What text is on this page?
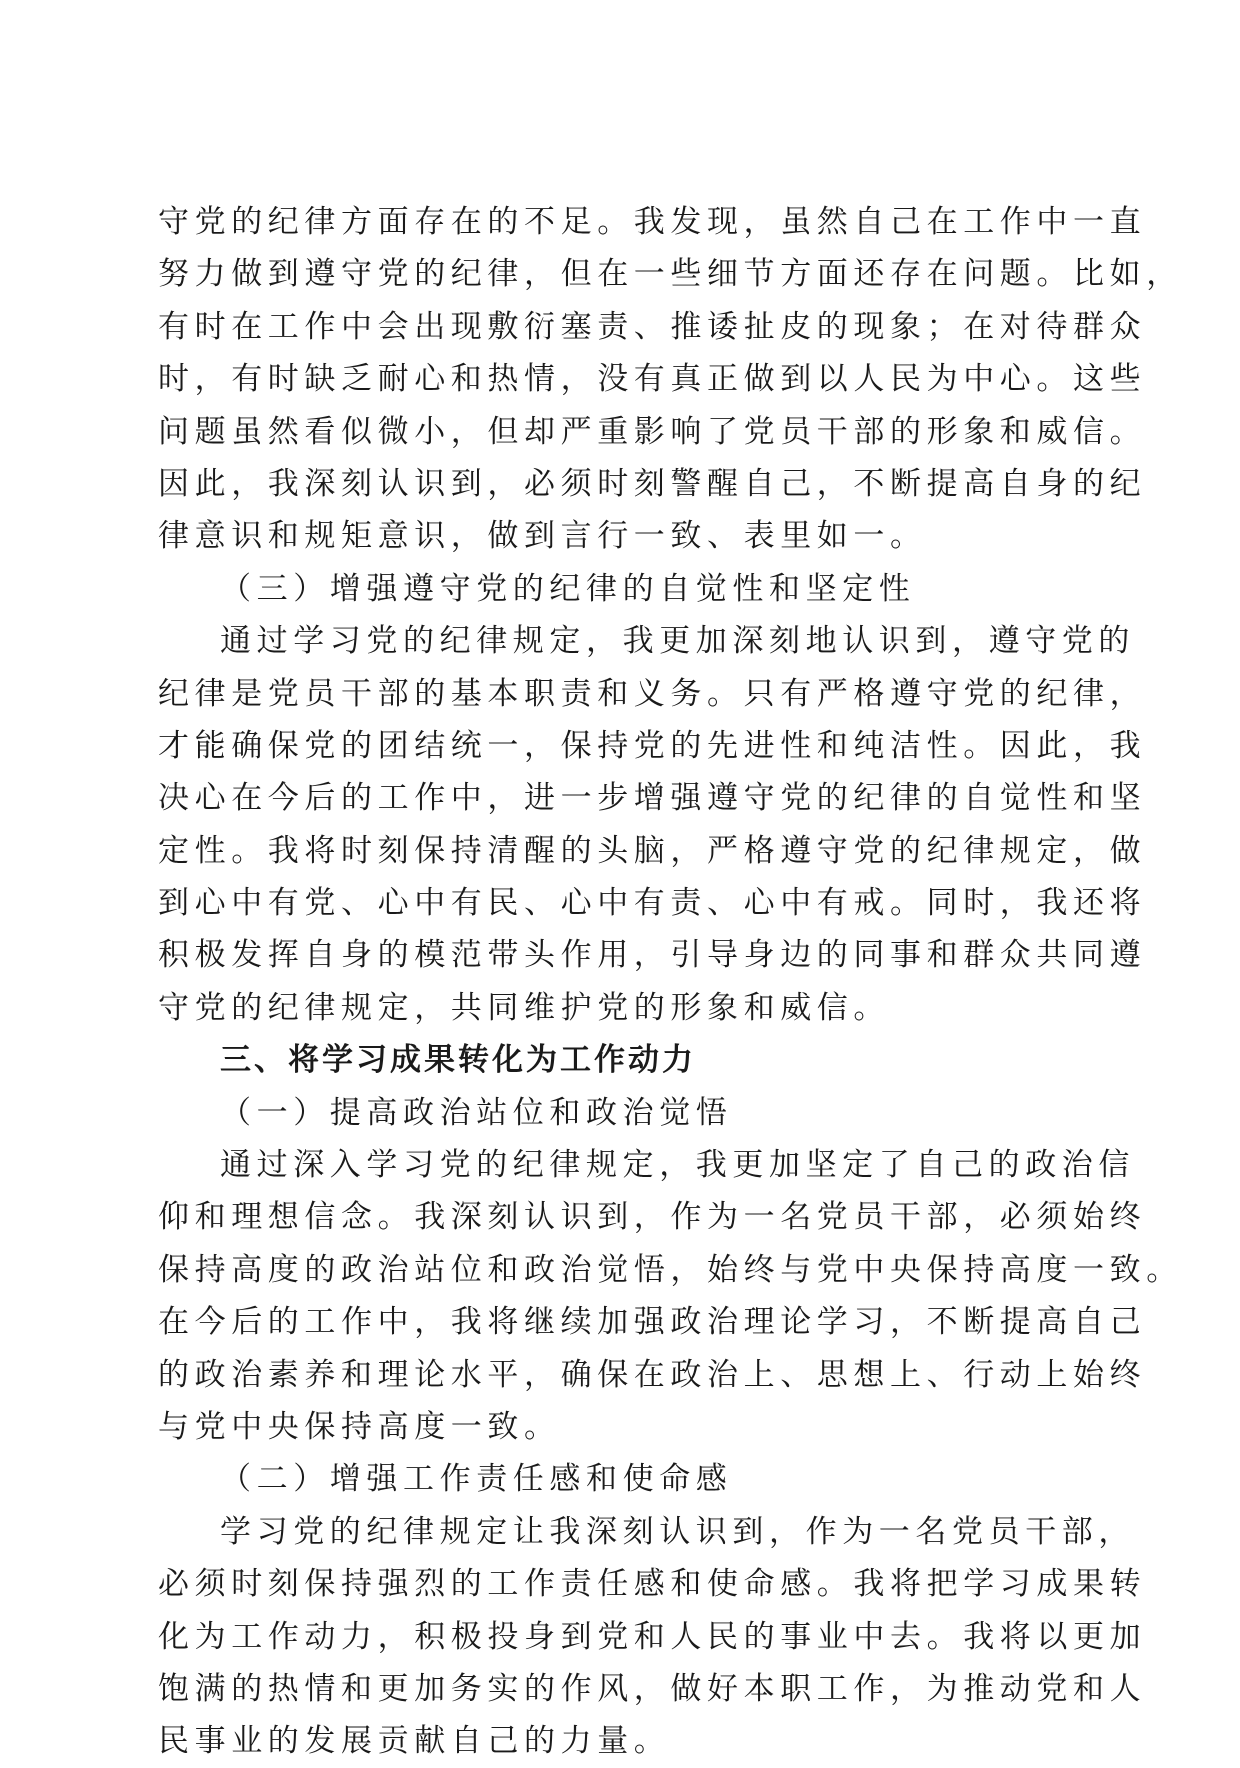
守党的纪律方面存在的不足。我发现，虽然自己在工作中一直
努力做到遵守党的纪律，但在一些细节方面还存在问题。比如，
有时在工作中会出现敷衍塞责、推诿扯皮的现象；在对待群众
时，有时缺乏耐心和热情，没有真正做到以人民为中心。这些
问题虽然看似微小，但却严重影响了党员干部的形象和威信。
因此，我深刻认识到，必须时刻警醒自己，不断提高自身的纪
律意识和规矩意识，做到言行一致、表里如一。
（三）增强遵守党的纪律的自觉性和坚定性
通过学习党的纪律规定，我更加深刻地认识到，遵守党的
纪律是党员干部的基本职责和义务。只有严格遵守党的纪律，
才能确保党的团结统一，保持党的先进性和纯洁性。因此，我
决心在今后的工作中，进一步增强遵守党的纪律的自觉性和坚
定性。我将时刻保持清醒的头脑，严格遵守党的纪律规定，做
到心中有党、心中有民、心中有责、心中有戒。同时，我还将
积极发挥自身的模范带头作用，引导身边的同事和群众共同遵
守党的纪律规定，共同维护党的形象和威信。
三、将学习成果转化为工作动力
（一）提高政治站位和政治觉悟
通过深入学习党的纪律规定，我更加坚定了自己的政治信
仰和理想信念。我深刻认识到，作为一名党员干部，必须始终
保持高度的政治站位和政治觉悟，始终与党中央保持高度一致。
在今后的工作中，我将继续加强政治理论学习，不断提高自己
的政治素养和理论水平，确保在政治上、思想上、行动上始终
与党中央保持高度一致。
（二）增强工作责任感和使命感
学习党的纪律规定让我深刻认识到，作为一名党员干部，
必须时刻保持强烈的工作责任感和使命感。我将把学习成果转
化为工作动力，积极投身到党和人民的事业中去。我将以更加
饱满的热情和更加务实的作风，做好本职工作，为推动党和人
民事业的发展贡献自己的力量。
